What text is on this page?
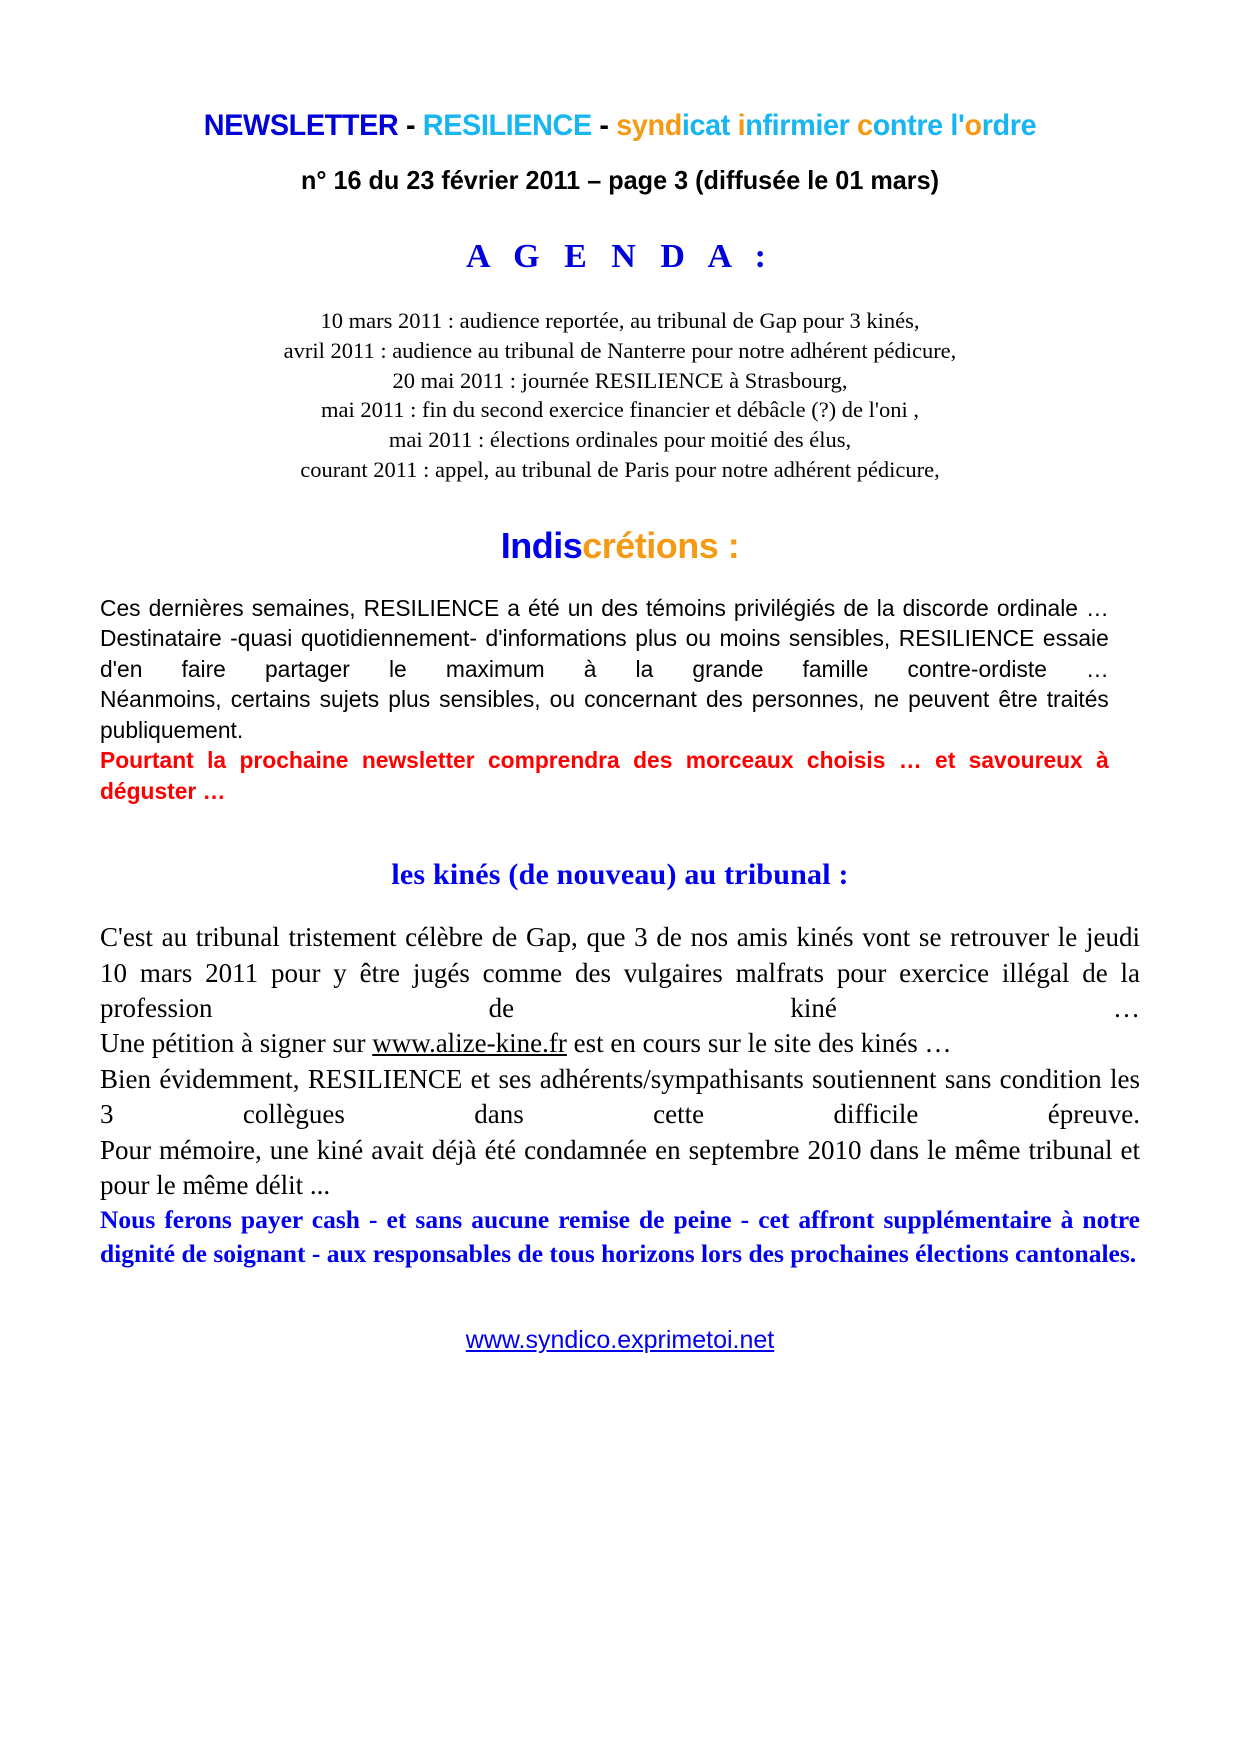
NEWSLETTER - RESILIENCE - syndicat infirmier contre l'ordre
n° 16 du 23 février 2011 – page 3 (diffusée le 01 mars)
A G E N D A :
10 mars 2011 : audience reportée, au tribunal de Gap pour 3 kinés,
avril 2011 : audience au tribunal de Nanterre pour notre adhérent pédicure,
20 mai 2011 : journée RESILIENCE à Strasbourg,
mai 2011 : fin du second exercice financier et débâcle (?) de l'oni ,
mai 2011 : élections ordinales pour moitié des élus,
courant 2011 : appel, au tribunal de Paris pour notre adhérent pédicure,
Indiscrétions :

Ces dernières semaines, RESILIENCE a été un des témoins privilégiés de la discorde ordinale … Destinataire -quasi quotidiennement- d'informations plus ou moins sensibles, RESILIENCE essaie d'en faire partager le maximum à la grande famille contre-ordiste …

Néanmoins, certains sujets plus sensibles, ou concernant des personnes, ne peuvent être traités publiquement.

Pourtant la prochaine newsletter comprendra des morceaux choisis … et savoureux à déguster …

les kinés (de nouveau) au tribunal :

C'est au tribunal tristement célèbre de Gap, que 3 de nos amis kinés vont se retrouver le jeudi 10 mars 2011 pour y être jugés comme des vulgaires malfrats pour exercice illégal de la profession de kiné …

Une pétition à signer sur www.alize-kine.fr est en cours sur le site des kinés …

Bien évidemment, RESILIENCE et ses adhérents/sympathisants soutiennent sans condition les 3 collègues dans cette difficile épreuve.

Pour mémoire, une kiné avait déjà été condamnée en septembre 2010 dans le même tribunal et pour le même délit ...

Nous ferons payer cash - et sans aucune remise de peine - cet affront supplémentaire à notre dignité de soignant - aux responsables de tous horizons lors des prochaines élections cantonales.

www.syndico.exprimetoi.net
